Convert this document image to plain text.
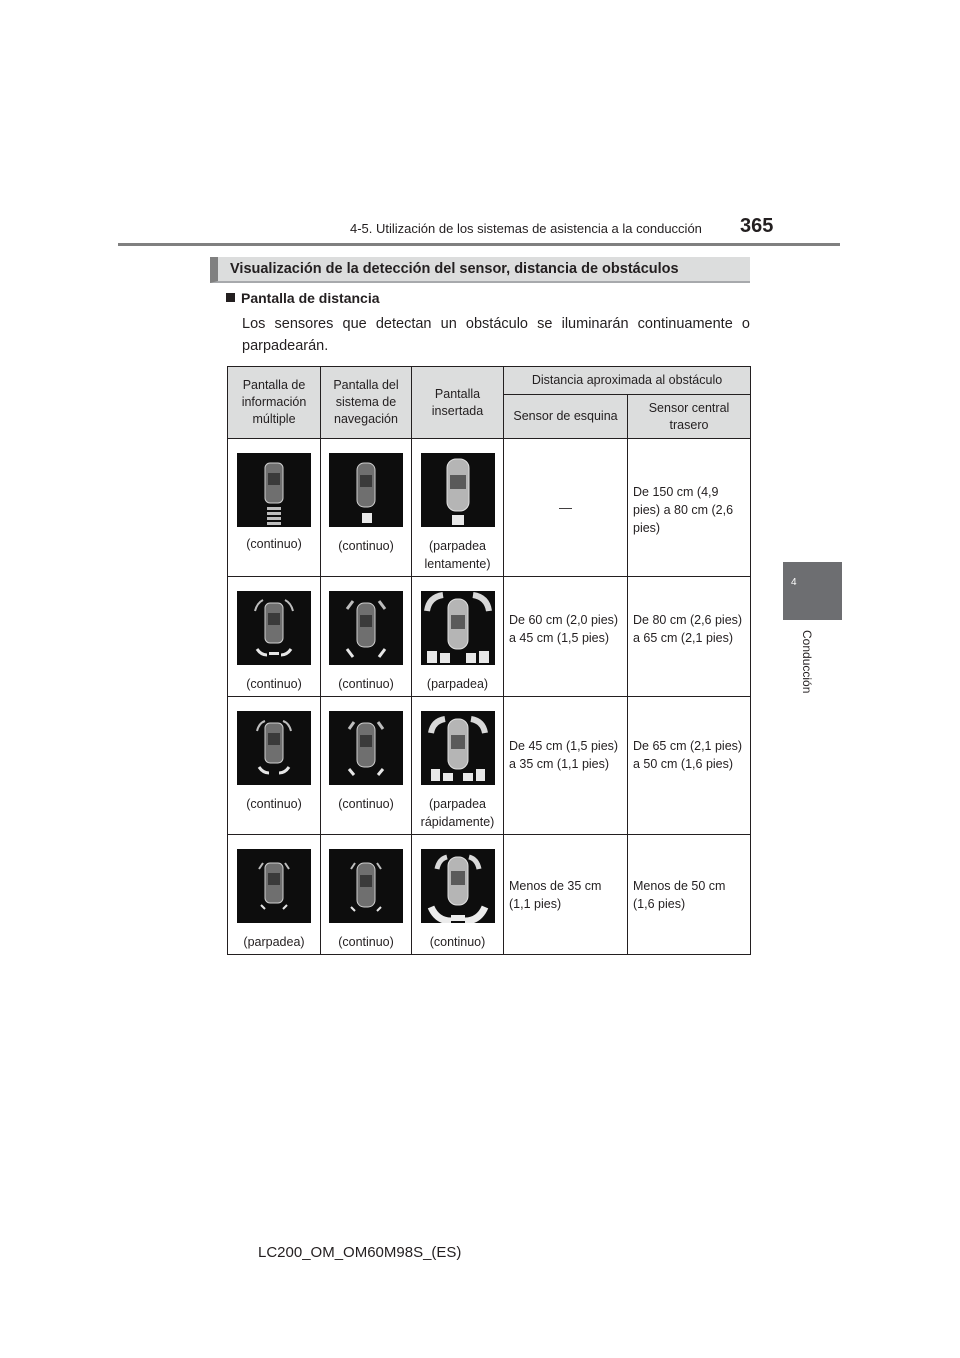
4-5. Utilización de los sistemas de asistencia a la conducción 365
4
Conducción
Visualización de la detección del sensor, distancia de obstáculos
Pantalla de distancia
Los sensores que detectan un obstáculo se iluminarán continuamente o parpadearán.
Pantalla de información múltiple	Pantalla del sistema de navegación	Pantalla insertada	Distancia aproximada al obstáculo	
			Sensor de esquina	Sensor central trasero

(continuo)	(continuo)	(parpadea lentamente)	—	De 150 cm (4,9 pies) a 80 cm (2,6 pies)

(continuo)	(continuo)	(parpadea)	De 60 cm (2,0 pies) a 45 cm (1,5 pies)	De 80 cm (2,6 pies) a 65 cm (2,1 pies)

(continuo)	(continuo)	(parpadea rápidamente)	De 45 cm (1,5 pies) a 35 cm (1,1 pies)	De 65 cm (2,1 pies) a 50 cm (1,6 pies)

(parpadea)	(continuo)	(continuo)	Menos de 35 cm (1,1 pies)	Menos de 50 cm (1,6 pies)
LC200_OM_OM60M98S_(ES)
